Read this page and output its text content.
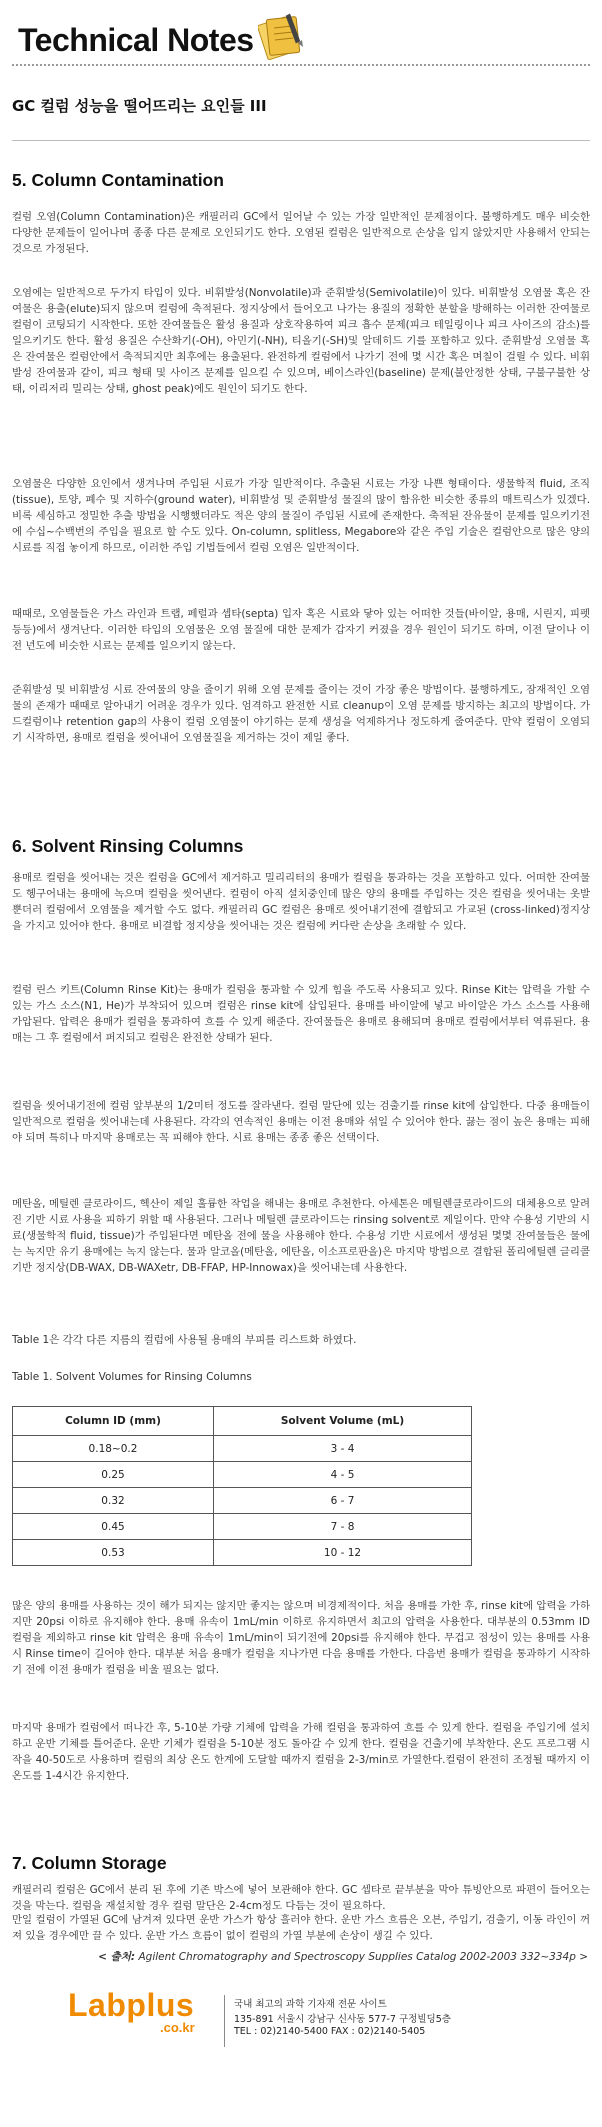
Technical Notes
GC 컬럼 성능을 떨어뜨리는 요인들 III
5. Column Contamination

컬럼 오염(Column Contamination)은 캐필러리 GC에서 일어날 수 있는 가장 일반적인 문제점이다. 불행하게도 매우 비슷한 다양한 문제들이 일어나며 종종 다른 문제로 오인되기도 한다. 오염된 컬럼은 일반적으로 손상을 입지 않았지만 사용해서 안되는 것으로 가정된다.

오염에는 일반적으로 두가지 타입이 있다. 비휘발성(Nonvolatile)과 준휘발성(Semivolatile)이 있다. 비휘발성 오염물 혹은 잔여물은 용출(elute)되지 않으며 컬럼에 축적된다. 정지상에서 들어오고 나가는 용질의 정확한 분할을 방해하는 이러한 잔여물로 컬럼이 코팅되기 시작한다. 또한 잔여물들은 활성 용질과 상호작용하여 피크 흡수 문제(피크 테일링이나 피크 사이즈의 감소)를 일으키기도 한다. 활성 용질은 수산화기(-OH), 아민기(-NH), 티올기(-SH)및 알데히드 기를 포함하고 있다. 준휘발성 오염물 혹은 잔여물은 컬럼안에서 축적되지만 최후에는 용출된다. 완전하게 컬럼에서 나가기 전에 몇 시간 혹은 며칠이 걸릴 수 있다. 비휘발성 잔여물과 같이, 피크 형태 및 사이즈 문제를 일으킬 수 있으며, 베이스라인(baseline) 문제(불안정한 상태, 구불구불한 상태, 이리저리 밀리는 상태, ghost peak)에도 원인이 되기도 한다.

오염물은 다양한 요인에서 생겨나며 주입된 시료가 가장 일반적이다. 추출된 시료는 가장 나쁜 형태이다. 생물학적 fluid, 조직(tissue), 토양, 폐수 및 지하수(ground water), 비휘발성 및 준휘발성 물질의 많이 함유한 비슷한 종류의 매트릭스가 있겠다. 비록 세심하고 정밀한 추출 방법을 시행했더라도 적은 양의 물질이 주입된 시료에 존재한다. 축적된 잔유물이 문제를 일으키기전에 수십~수백번의 주입을 필요로 할 수도 있다. On-column, splitless, Megabore와 같은 주입 기술은 컬럼안으로 많은 양의 시료를 직접 놓이게 하므로, 이러한 주입 기법들에서 컬럼 오염은 일반적이다.

때때로, 오염물들은 가스 라인과 트랩, 페럴과 셉타(septa) 입자 혹은 시료와 닿아 있는 어떠한 것들(바이알, 용매, 시린지, 피펫 등등)에서 생겨난다. 이러한 타입의 오염물은 오염 물질에 대한 문제가 갑자기 커졌을 경우 원인이 되기도 하며, 이전 달이나 이전 년도에 비슷한 시료는 문제를 일으키지 않는다.

준휘발성 및 비휘발성 시료 잔여물의 양을 줄이기 위해 오염 문제를 줄이는 것이 가장 좋은 방법이다. 불행하게도, 잠재적인 오염물의 존재가 때때로 알아내기 어려운 경우가 있다. 엄격하고 완전한 시료 cleanup이 오염 문제를 방지하는 최고의 방법이다. 가드컬럼이나 retention gap의 사용이 컬럼 오염물이 야기하는 문제 생성을 억제하거나 정도하게 줄여준다. 만약 컬럼이 오염되기 시작하면, 용매로 컬럼을 씻어내어 오염물질을 제거하는 것이 제일 좋다.

6. Solvent Rinsing Columns

용매로 컬럼을 씻어내는 것은 컬럼을 GC에서 제거하고 밀리리터의 용매가 컬럼을 통과하는 것을 포함하고 있다. 어떠한 잔여물도 헹구어내는 용매에 녹으며 컬럼을 씻어낸다. 컬럼이 아직 설치중인데 많은 양의 용매를 주입하는 것은 컬럼을 씻어내는 옷발뿐더러 컬럼에서 오염물을 제거할 수도 없다. 캐필러리 GC 컬럼은 용매로 씻어내기전에 결합되고 가교된 (cross-linked)정지상을 가지고 있어야 한다. 용매로 비결합 정지상을 씻어내는 것은 컬럼에 커다란 손상을 초래할 수 있다.

컬럼 린스 키트(Column Rinse Kit)는 용매가 컬럼을 통과할 수 있게 힘을 주도록 사용되고 있다. Rinse Kit는 압력을 가할 수 있는 가스 소스(N1, He)가 부착되어 있으며 컬럼은 rinse kit에 삽입된다. 용매를 바이알에 넣고 바이알은 가스 소스를 사용해 가압된다. 압력은 용매가 컬럼을 통과하여 흐를 수 있게 해준다. 잔여물들은 용매로 용해되며 용매로 컬럼에서부터 역류된다. 용매는 그 후 컬럼에서 퍼지되고 컬럼은 완전한 상태가 된다.

컬럼을 씻어내기전에 컬럼 앞부분의 1/2미터 정도를 잘라낸다. 컬럼 말단에 있는 검출기를 rinse kit에 삽입한다. 다중 용매들이 일반적으로 컬럼을 씻어내는데 사용된다. 각각의 연속적인 용매는 이전 용매와 섞일 수 있어야 한다. 끓는 점이 높은 용매는 피해야 되며 특히나 마지막 용매로는 꼭 피해야 한다. 시료 용매는 종종 좋은 선택이다.

메탄올, 메틸렌 클로라이드, 헥산이 제일 훌륭한 작업을 해내는 용매로 추천한다. 아세톤은 메틸렌클로라이드의 대체용으로 알려진 기반 시료 사용을 피하기 위할 때 사용된다. 그러나 메틸렌 클로라이드는 rinsing solvent로 제일이다. 만약 수용성 기반의 시료(생물학적 fluid, tissue)가 주입된다면 메탄올 전에 물을 사용해야 한다. 수용성 기반 시료에서 생성된 몇몇 잔여물들은 물에는 녹지만 유기 용매에는 녹지 않는다. 물과 알코올(메탄올, 에탄올, 이소프로판올)은 마지막 방법으로 결합된 폴리에틸렌 글리콜 기반 정지상(DB-WAX, DB-WAXetr, DB-FFAP, HP-Innowax)을 씻어내는데 사용한다.

Table 1은 각각 다른 지름의 컬럼에 사용될 용매의 부피를 리스트화 하였다.

Table 1. Solvent Volumes for Rinsing Columns

Column ID (mm)	Solvent Volume (mL)
0.18~0.2	3 - 4
0.25	4 - 5
0.32	6 - 7
0.45	7 - 8
0.53	10 - 12

많은 양의 용매를 사용하는 것이 해가 되지는 않지만 좋지는 않으며 비경제적이다. 처음 용매를 가한 후, rinse kit에 압력을 가하지만 20psi 이하로 유지해야 한다. 용매 유속이 1mL/min 이하로 유지하면서 최고의 압력을 사용한다. 대부분의 0.53mm ID 컬럼을 제외하고 rinse kit 압력은 용매 유속이 1mL/min이 되기전에 20psi를 유지해야 한다. 무겁고 점성이 있는 용매를 사용시 Rinse time이 길어야 한다. 대부분 처음 용매가 컬럼을 지나가면 다음 용매를 가한다. 다음번 용매가 컬럼을 통과하기 시작하기 전에 이전 용매가 컬럼을 비울 필요는 없다.

마지막 용매가 컬럼에서 떠나간 후, 5-10분 가량 기체에 압력을 가해 컬럼을 통과하여 흐를 수 있게 한다. 컬럼을 주입기에 설치하고 운반 기체를 틀어준다. 운반 기체가 컬럼을 5-10분 정도 돌아갈 수 있게 한다. 컬럼을 건출기에 부착한다. 온도 프로그램 시작을 40-50도로 사용하며 컬럼의 최상 온도 한계에 도달할 때까지 컬럼을 2-3/min로 가열한다.컬럼이 완전히 조정될 때까지 이 온도를 1-4시간 유지한다.

7. Column Storage

캐필러리 컬럼은 GC에서 분리 된 후에 기존 박스에 넣어 보관해야 한다. GC 셉타로 끝부분을 막아 튜빙안으로 파편이 들어오는 것을 막는다. 컬럼을 재설치할 경우 컬럼 말단은 2-4cm정도 다듬는 것이 필요하다.

만일 컬럼이 가열된 GC에 남겨져 있다면 운반 가스가 항상 흘러야 한다. 운반 가스 흐름은 오븐, 주입기, 검출기, 이동 라인이 꺼져 있을 경우에만 끌 수 있다. 운반 가스 흐름이 없이 컬럼의 가열 부분에 손상이 생길 수 있다.

< 출처: Agilent Chromatography and Spectroscopy Supplies Catalog 2002-2003 332~334p >
Labplus
.co.kr
국내 최고의 과학 기자재 전문 사이트
135-891 서울시 강남구 신사동 577-7 구정빌딩5층
TEL : 02)2140-5400 FAX : 02)2140-5405
